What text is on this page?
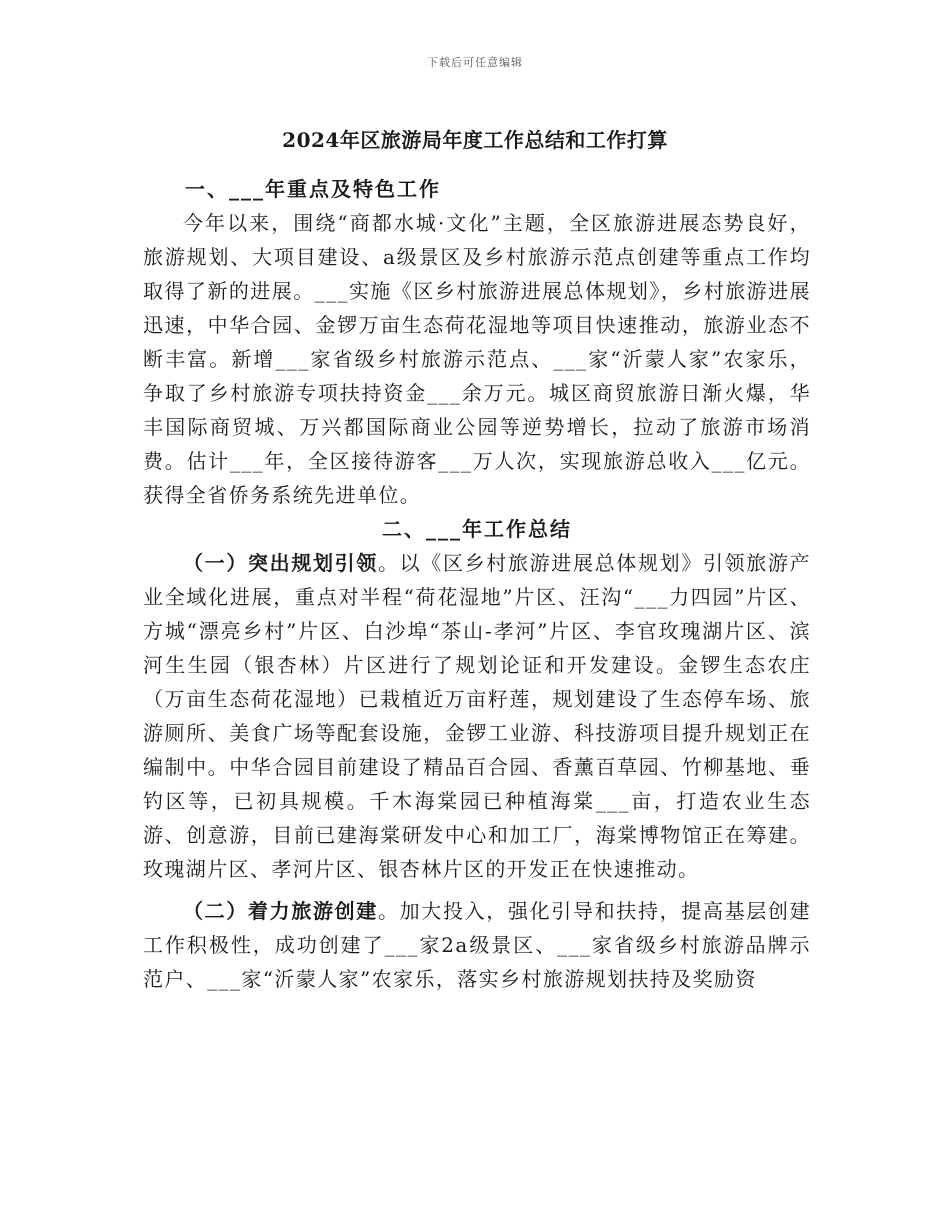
下载后可任意编辑
2024年区旅游局年度工作总结和工作打算

一、___年重点及特色工作

今年以来，围绕“商都水城·文化”主题，全区旅游进展态势良好，旅游规划、大项目建设、a级景区及乡村旅游示范点创建等重点工作均取得了新的进展。___实施《区乡村旅游进展总体规划》，乡村旅游进展迅速，中华合园、金锣万亩生态荷花湿地等项目快速推动，旅游业态不断丰富。新增___家省级乡村旅游示范点、___家“沂蒙人家”农家乐，争取了乡村旅游专项扶持资金___余万元。城区商贸旅游日渐火爆，华丰国际商贸城、万兴都国际商业公园等逆势增长，拉动了旅游市场消费。估计___年，全区接待游客___万人次，实现旅游总收入___亿元。获得全省侨务系统先进单位。

二、___年工作总结

（一）突出规划引领。以《区乡村旅游进展总体规划》引领旅游产业全域化进展，重点对半程“荷花湿地”片区、汪沟“___力四园”片区、方城“漂亮乡村”片区、白沙埠“茶山-孝河”片区、李官玫瑰湖片区、滨河生生园（银杏林）片区进行了规划论证和开发建设。金锣生态农庄（万亩生态荷花湿地）已栽植近万亩籽莲，规划建设了生态停车场、旅游厕所、美食广场等配套设施，金锣工业游、科技游项目提升规划正在编制中。中华合园目前建设了精品百合园、香薰百草园、竹柳基地、垂钓区等，已初具规模。千木海棠园已种植海棠___亩，打造农业生态游、创意游，目前已建海棠研发中心和加工厂，海棠博物馆正在筹建。玫瑰湖片区、孝河片区、银杏林片区的开发正在快速推动。

（二）着力旅游创建。加大投入，强化引导和扶持，提高基层创建工作积极性，成功创建了___家2a级景区、___家省级乡村旅游品牌示范户、___家“沂蒙人家”农家乐，落实乡村旅游规划扶持及奖励资
